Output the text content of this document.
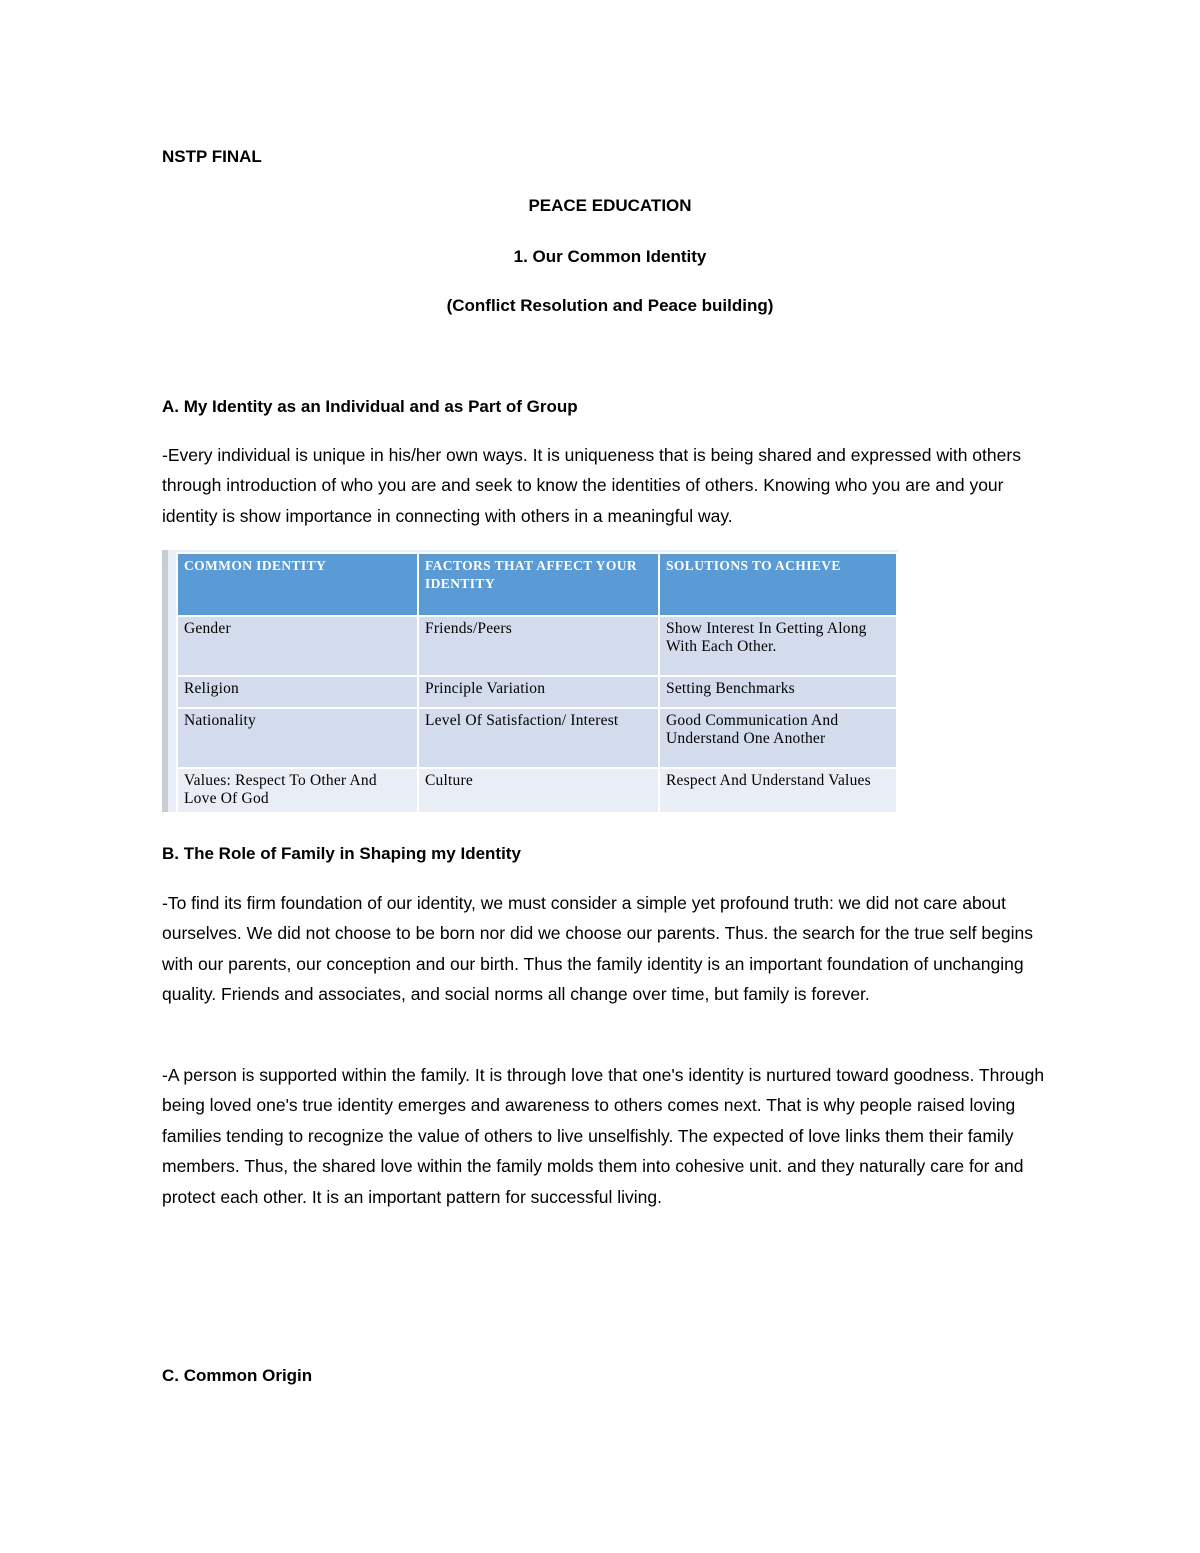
NSTP FINAL
PEACE EDUCATION
1. Our Common Identity
(Conflict Resolution and Peace building)
A. My Identity as an Individual and as Part of Group

-Every individual is unique in his/her own ways. It is uniqueness that is being shared and expressed with others through introduction of who you are and seek to know the identities of others. Knowing who you are and your identity is show importance in connecting with others in a meaningful way.

COMMON IDENTITY	FACTORS THAT AFFECT YOUR IDENTITY	SOLUTIONS TO ACHIEVE
Gender	Friends/Peers	Show Interest In Getting Along With Each Other.
Religion	Principle Variation	Setting Benchmarks
Nationality	Level Of Satisfaction/ Interest	Good Communication And Understand One Another
Values: Respect To Other And Love Of God	Culture	Respect And Understand Values
B. The Role of Family in Shaping my Identity

-To find its firm foundation of our identity, we must consider a simple yet profound truth: we did not care about ourselves. We did not choose to be born nor did we choose our parents. Thus. the search for the true self begins with our parents, our conception and our birth. Thus the family identity is an important foundation of unchanging quality. Friends and associates, and social norms all change over time, but family is forever.

-A person is supported within the family. It is through love that one's identity is nurtured toward goodness. Through being loved one's true identity emerges and awareness to others comes next. That is why people raised loving families tending to recognize the value of others to live unselfishly. The expected of love links them their family members. Thus, the shared love within the family molds them into cohesive unit. and they naturally care for and protect each other. It is an important pattern for successful living.

C. Common Origin
